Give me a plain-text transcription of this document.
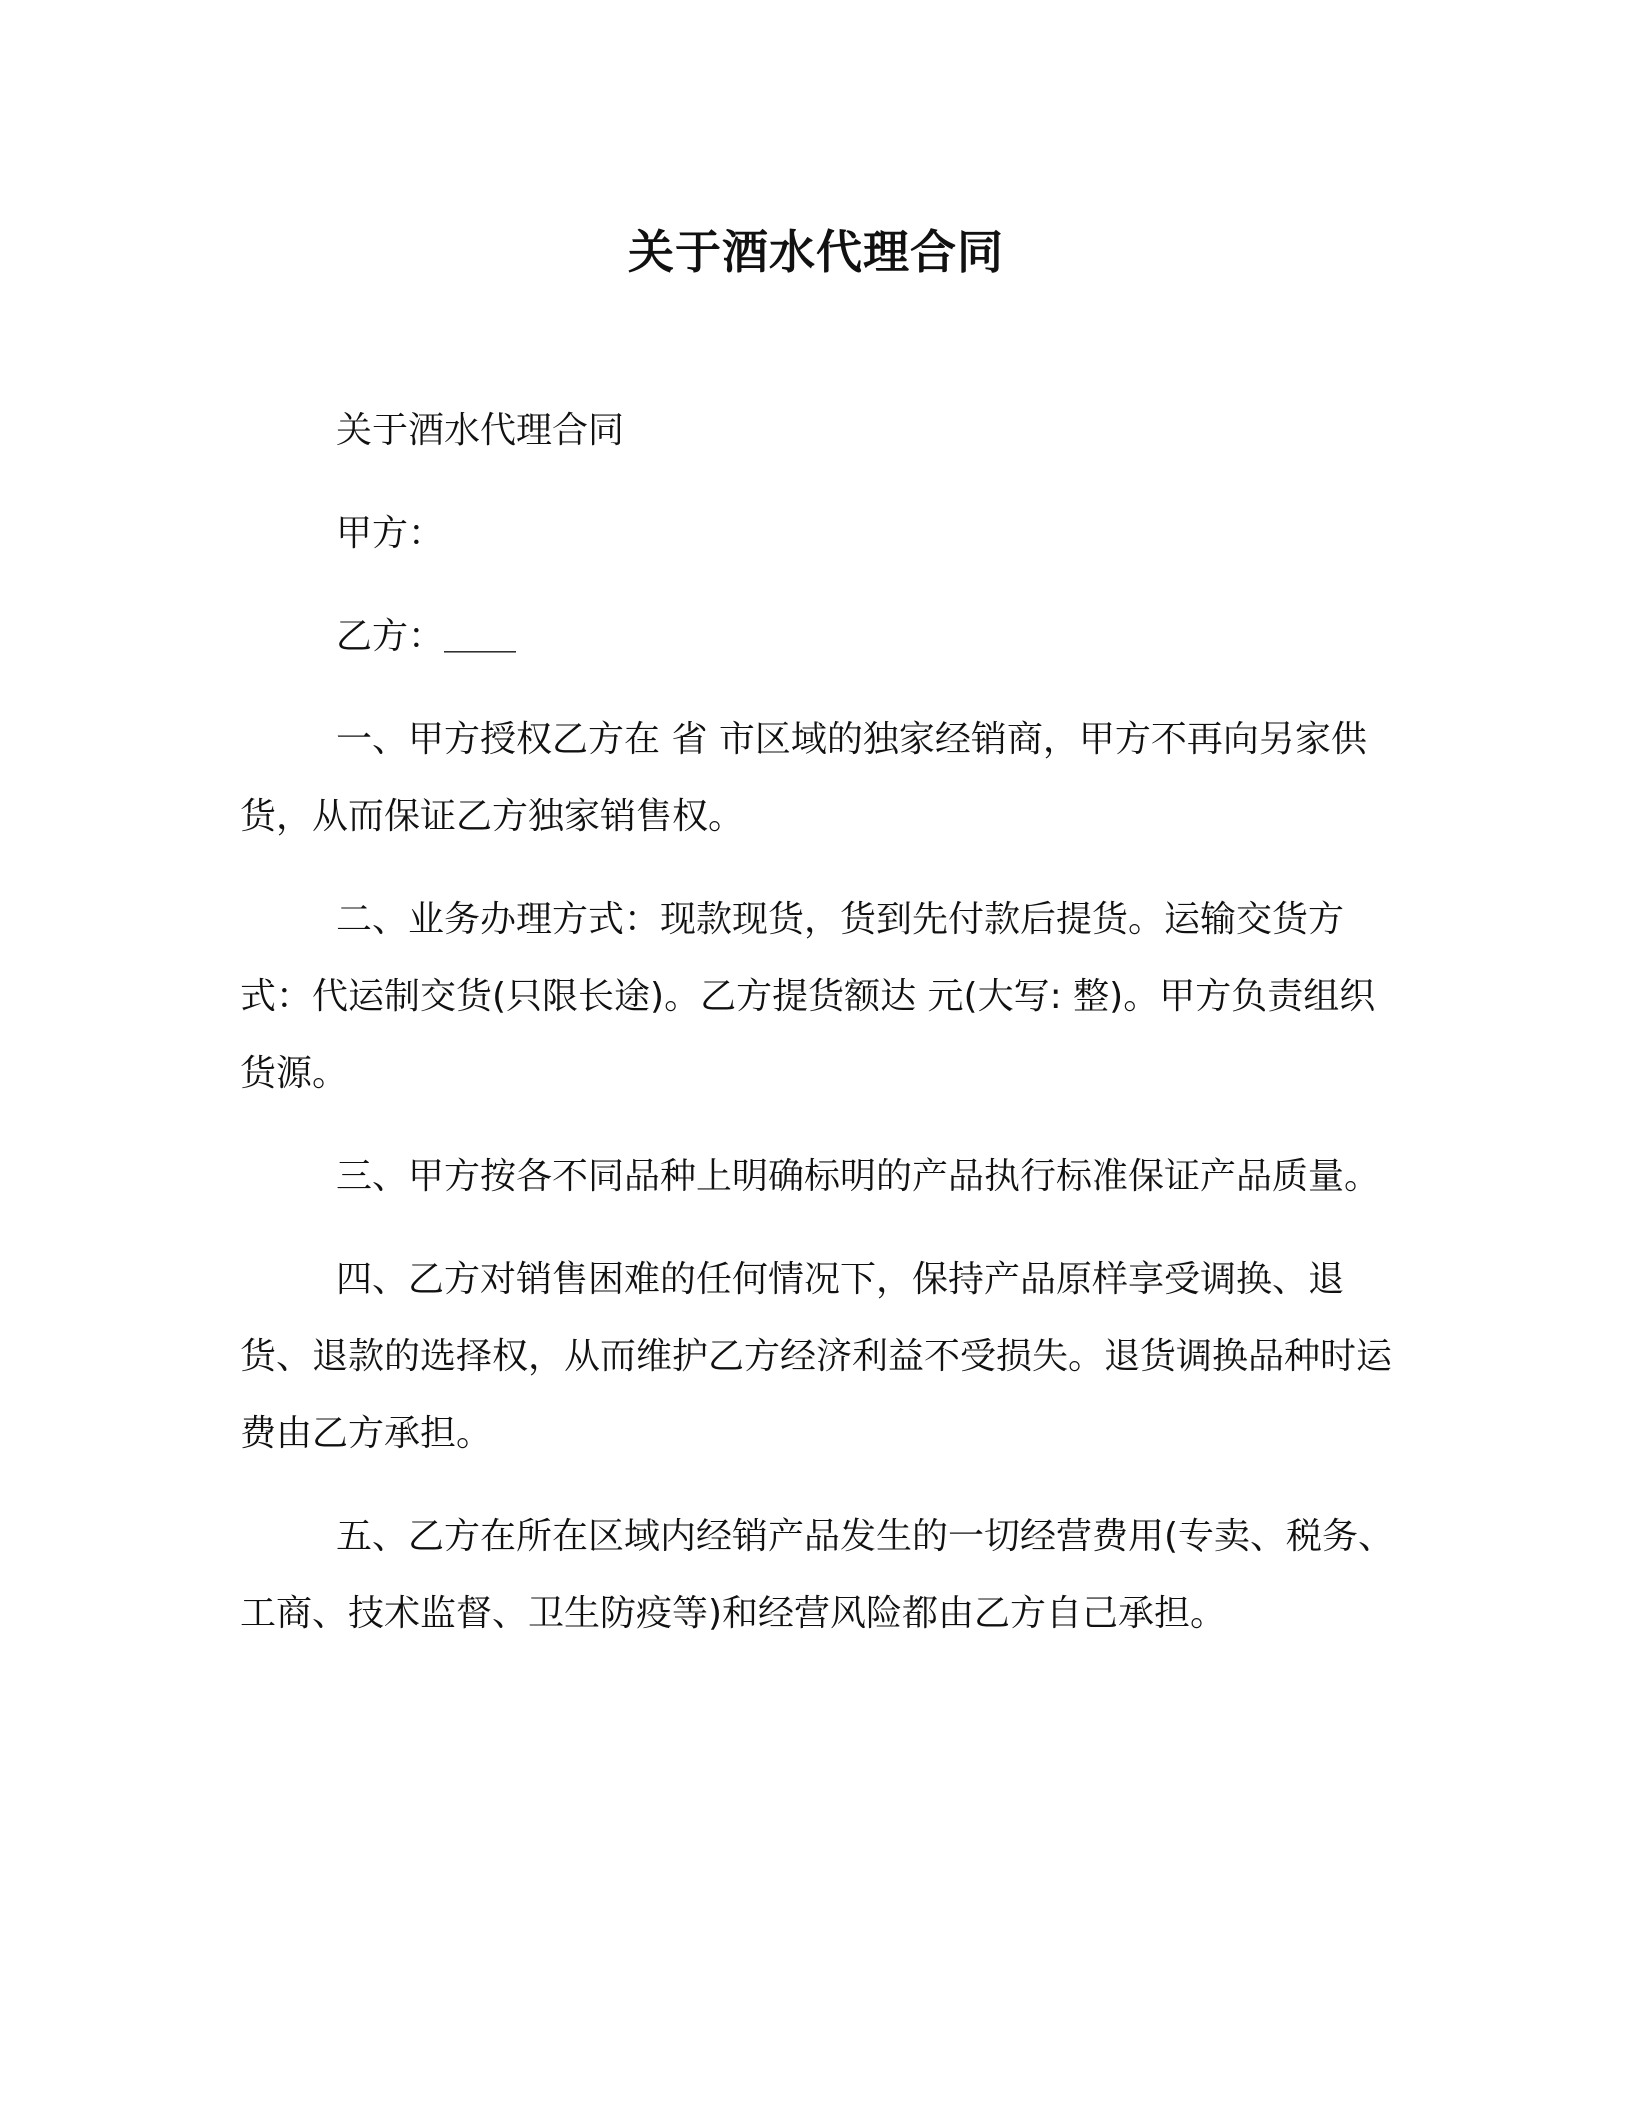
关于酒水代理合同

关于酒水代理合同

甲方：

乙方：＿＿

一、甲方授权乙方在 省 市区域的独家经销商，甲方不再向另家供货，从而保证乙方独家销售权。

二、业务办理方式：现款现货，货到先付款后提货。运输交货方式：代运制交货(只限长途)。乙方提货额达 元(大写: 整)。甲方负责组织货源。

三、甲方按各不同品种上明确标明的产品执行标准保证产品质量。

四、乙方对销售困难的任何情况下，保持产品原样享受调换、退货、退款的选择权，从而维护乙方经济利益不受损失。退货调换品种时运费由乙方承担。

五、乙方在所在区域内经销产品发生的一切经营费用(专卖、税务、工商、技术监督、卫生防疫等)和经营风险都由乙方自己承担。
